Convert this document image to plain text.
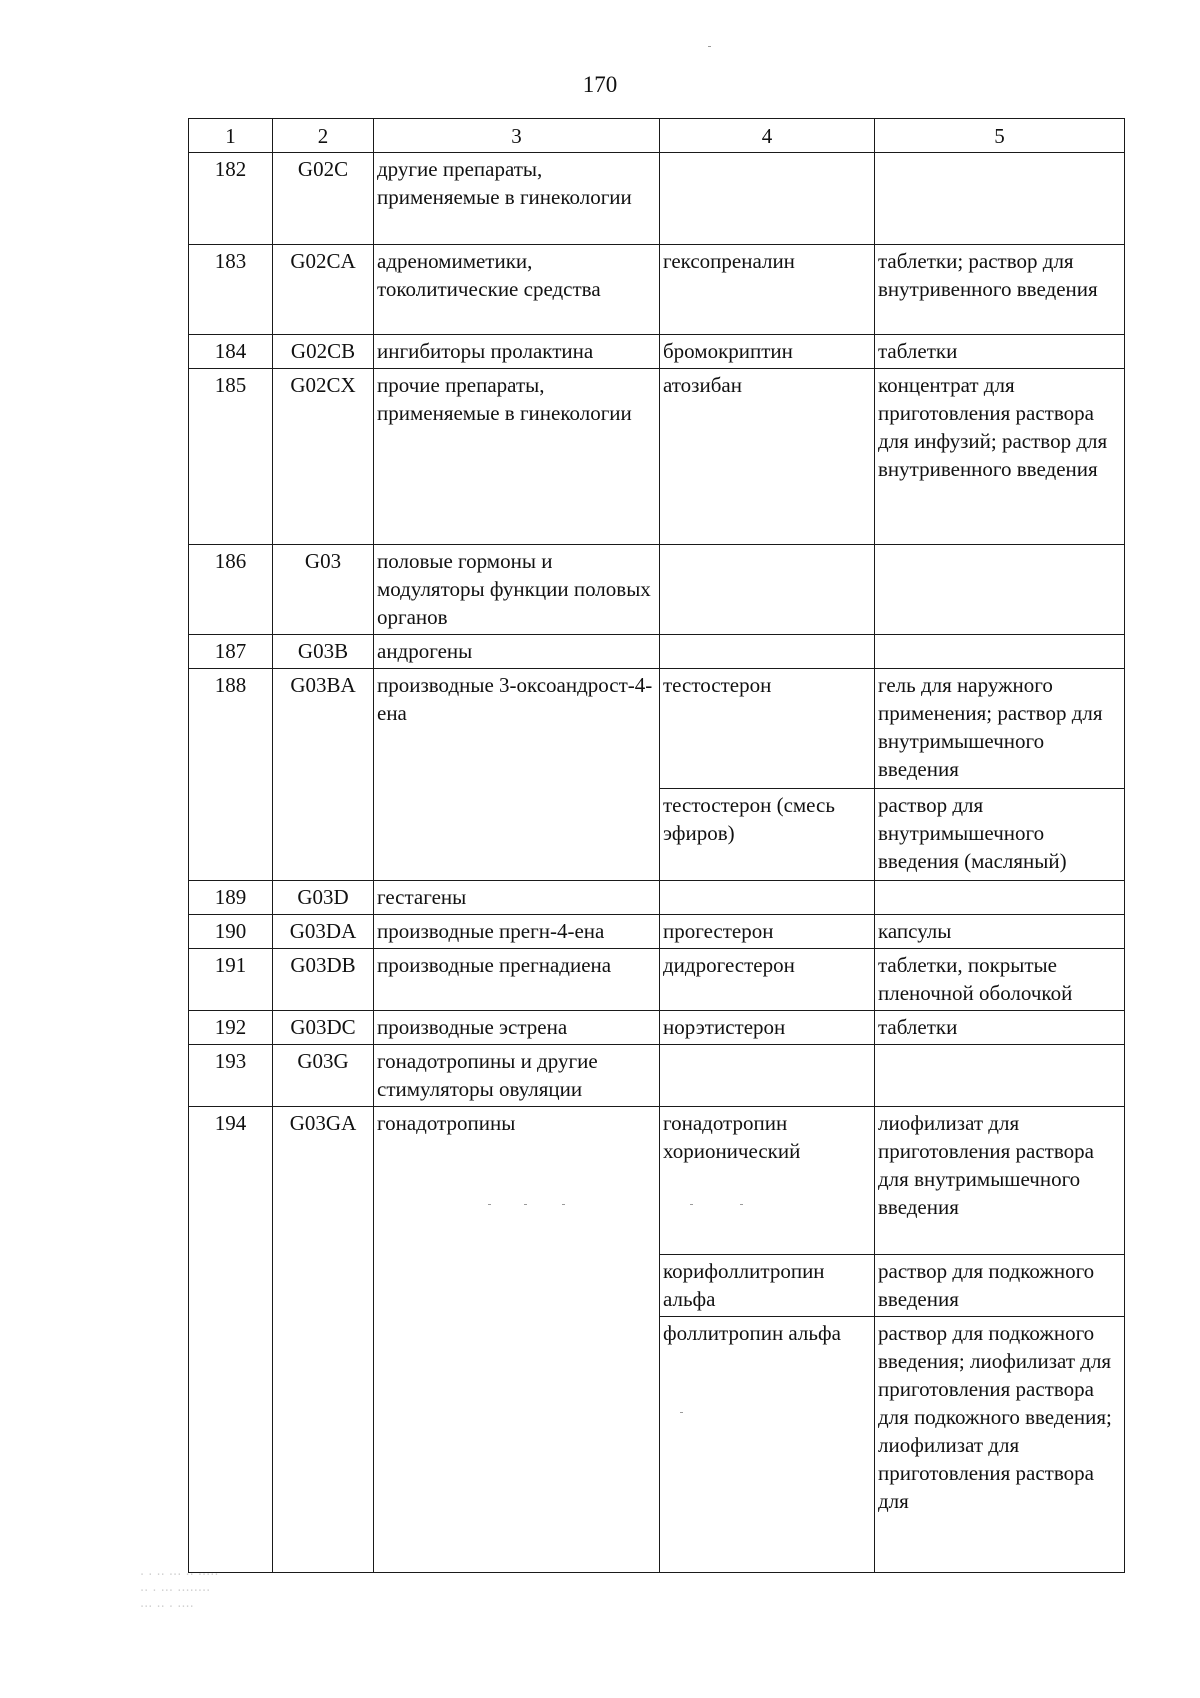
170
1	2	3	4	5
182	G02C	другие препараты, применяемые в гинекологии		
183	G02CA	адреномиметики, токолитические средства	гексопреналин	таблетки; раствор для внутривенного введения
184	G02CB	ингибиторы пролактина	бромокриптин	таблетки
185	G02CX	прочие препараты, применяемые в гинекологии	атозибан	концентрат для приготовления раствора для инфузий; раствор для внутривенного введения
186	G03	половые гормоны и модуляторы функции половых органов		
187	G03B	андрогены		
188	G03BA	производные 3-оксоандрост-4-ена	тестостерон	гель для наружного применения; раствор для внутримышечного введения
			тестостерон (смесь эфиров)	раствор для внутримышечного введения (масляный)
189	G03D	гестагены		
190	G03DA	производные прегн-4-ена	прогестерон	капсулы
191	G03DB	производные прегнадиена	дидрогестерон	таблетки, покрытые пленочной оболочкой
192	G03DC	производные эстрена	норэтистерон	таблетки
193	G03G	гонадотропины и другие стимуляторы овуляции		
194	G03GA	гонадотропины	гонадотропин хорионический	лиофилизат для приготовления раствора для внутримышечного введения
			корифоллитропин альфа	раствор для подкожного введения
			фоллитропин альфа	раствор для подкожного введения; лиофилизат для приготовления раствора для подкожного введения; лиофилизат для приготовления раствора для
· · ·· ··· ·· ·····
·· · ··· ········
··· ·· · ····
